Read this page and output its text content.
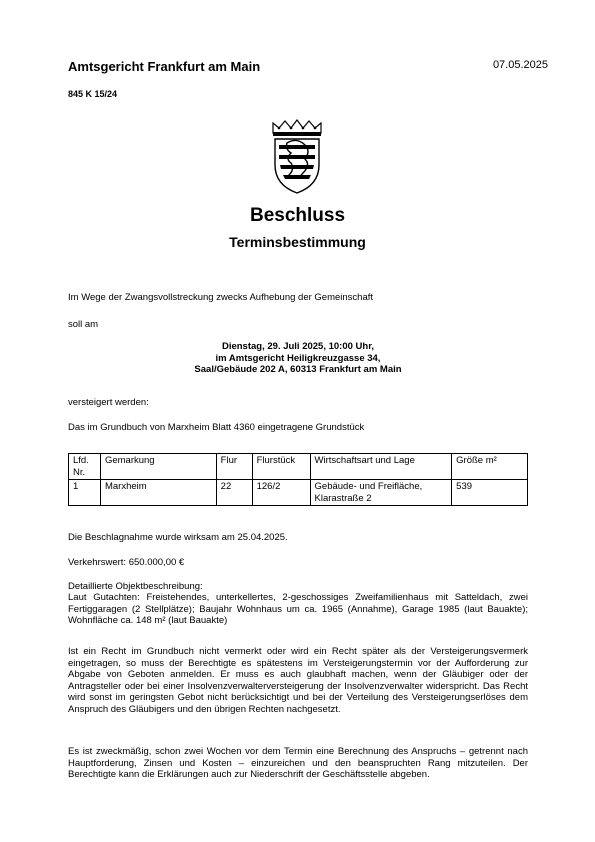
Amtsgericht Frankfurt am Main	07.05.2025
845 K 15/24
Beschluss
Terminsbestimmung
Im Wege der Zwangsvollstreckung zwecks Aufhebung der Gemeinschaft
soll am
Dienstag, 29. Juli 2025, 10:00 Uhr,
im Amtsgericht Heiligkreuzgasse 34,
Saal/Gebäude 202 A, 60313 Frankfurt am Main
versteigert werden:
Das im Grundbuch von Marxheim Blatt 4360 eingetragene Grundstück
Lfd. Nr.	Gemarkung	Flur	Flurstück	Wirtschaftsart und Lage	Größe m²
1	Marxheim	22	126/2	Gebäude- und Freifläche, Klarastraße 2	539
Die Beschlagnahme wurde wirksam am 25.04.2025.
Verkehrswert: 650.000,00 €
Detaillierte Objektbeschreibung:
Laut Gutachten: Freistehendes, unterkellertes, 2-geschossiges Zweifamilienhaus mit Satteldach, zwei Fertiggaragen (2 Stellplätze); Baujahr Wohnhaus um ca. 1965 (Annahme), Garage 1985 (laut Bauakte); Wohnfläche ca. 148 m² (laut Bauakte)
Ist ein Recht im Grundbuch nicht vermerkt oder wird ein Recht später als der Versteigerungsvermerk eingetragen, so muss der Berechtigte es spätestens im Versteigerungstermin vor der Aufforderung zur Abgabe von Geboten anmelden. Er muss es auch glaubhaft machen, wenn der Gläubiger oder der Antragsteller oder bei einer Insolvenzverwalterversteigerung der Insolvenzverwalter widerspricht. Das Recht wird sonst im geringsten Gebot nicht berücksichtigt und bei der Verteilung des Versteigerungserlöses dem Anspruch des Gläubigers und den übrigen Rechten nachgesetzt.
Es ist zweckmäßig, schon zwei Wochen vor dem Termin eine Berechnung des Anspruchs – getrennt nach Hauptforderung, Zinsen und Kosten – einzureichen und den beanspruchten Rang mitzuteilen. Der Berechtigte kann die Erklärungen auch zur Niederschrift der Geschäftsstelle abgeben.
